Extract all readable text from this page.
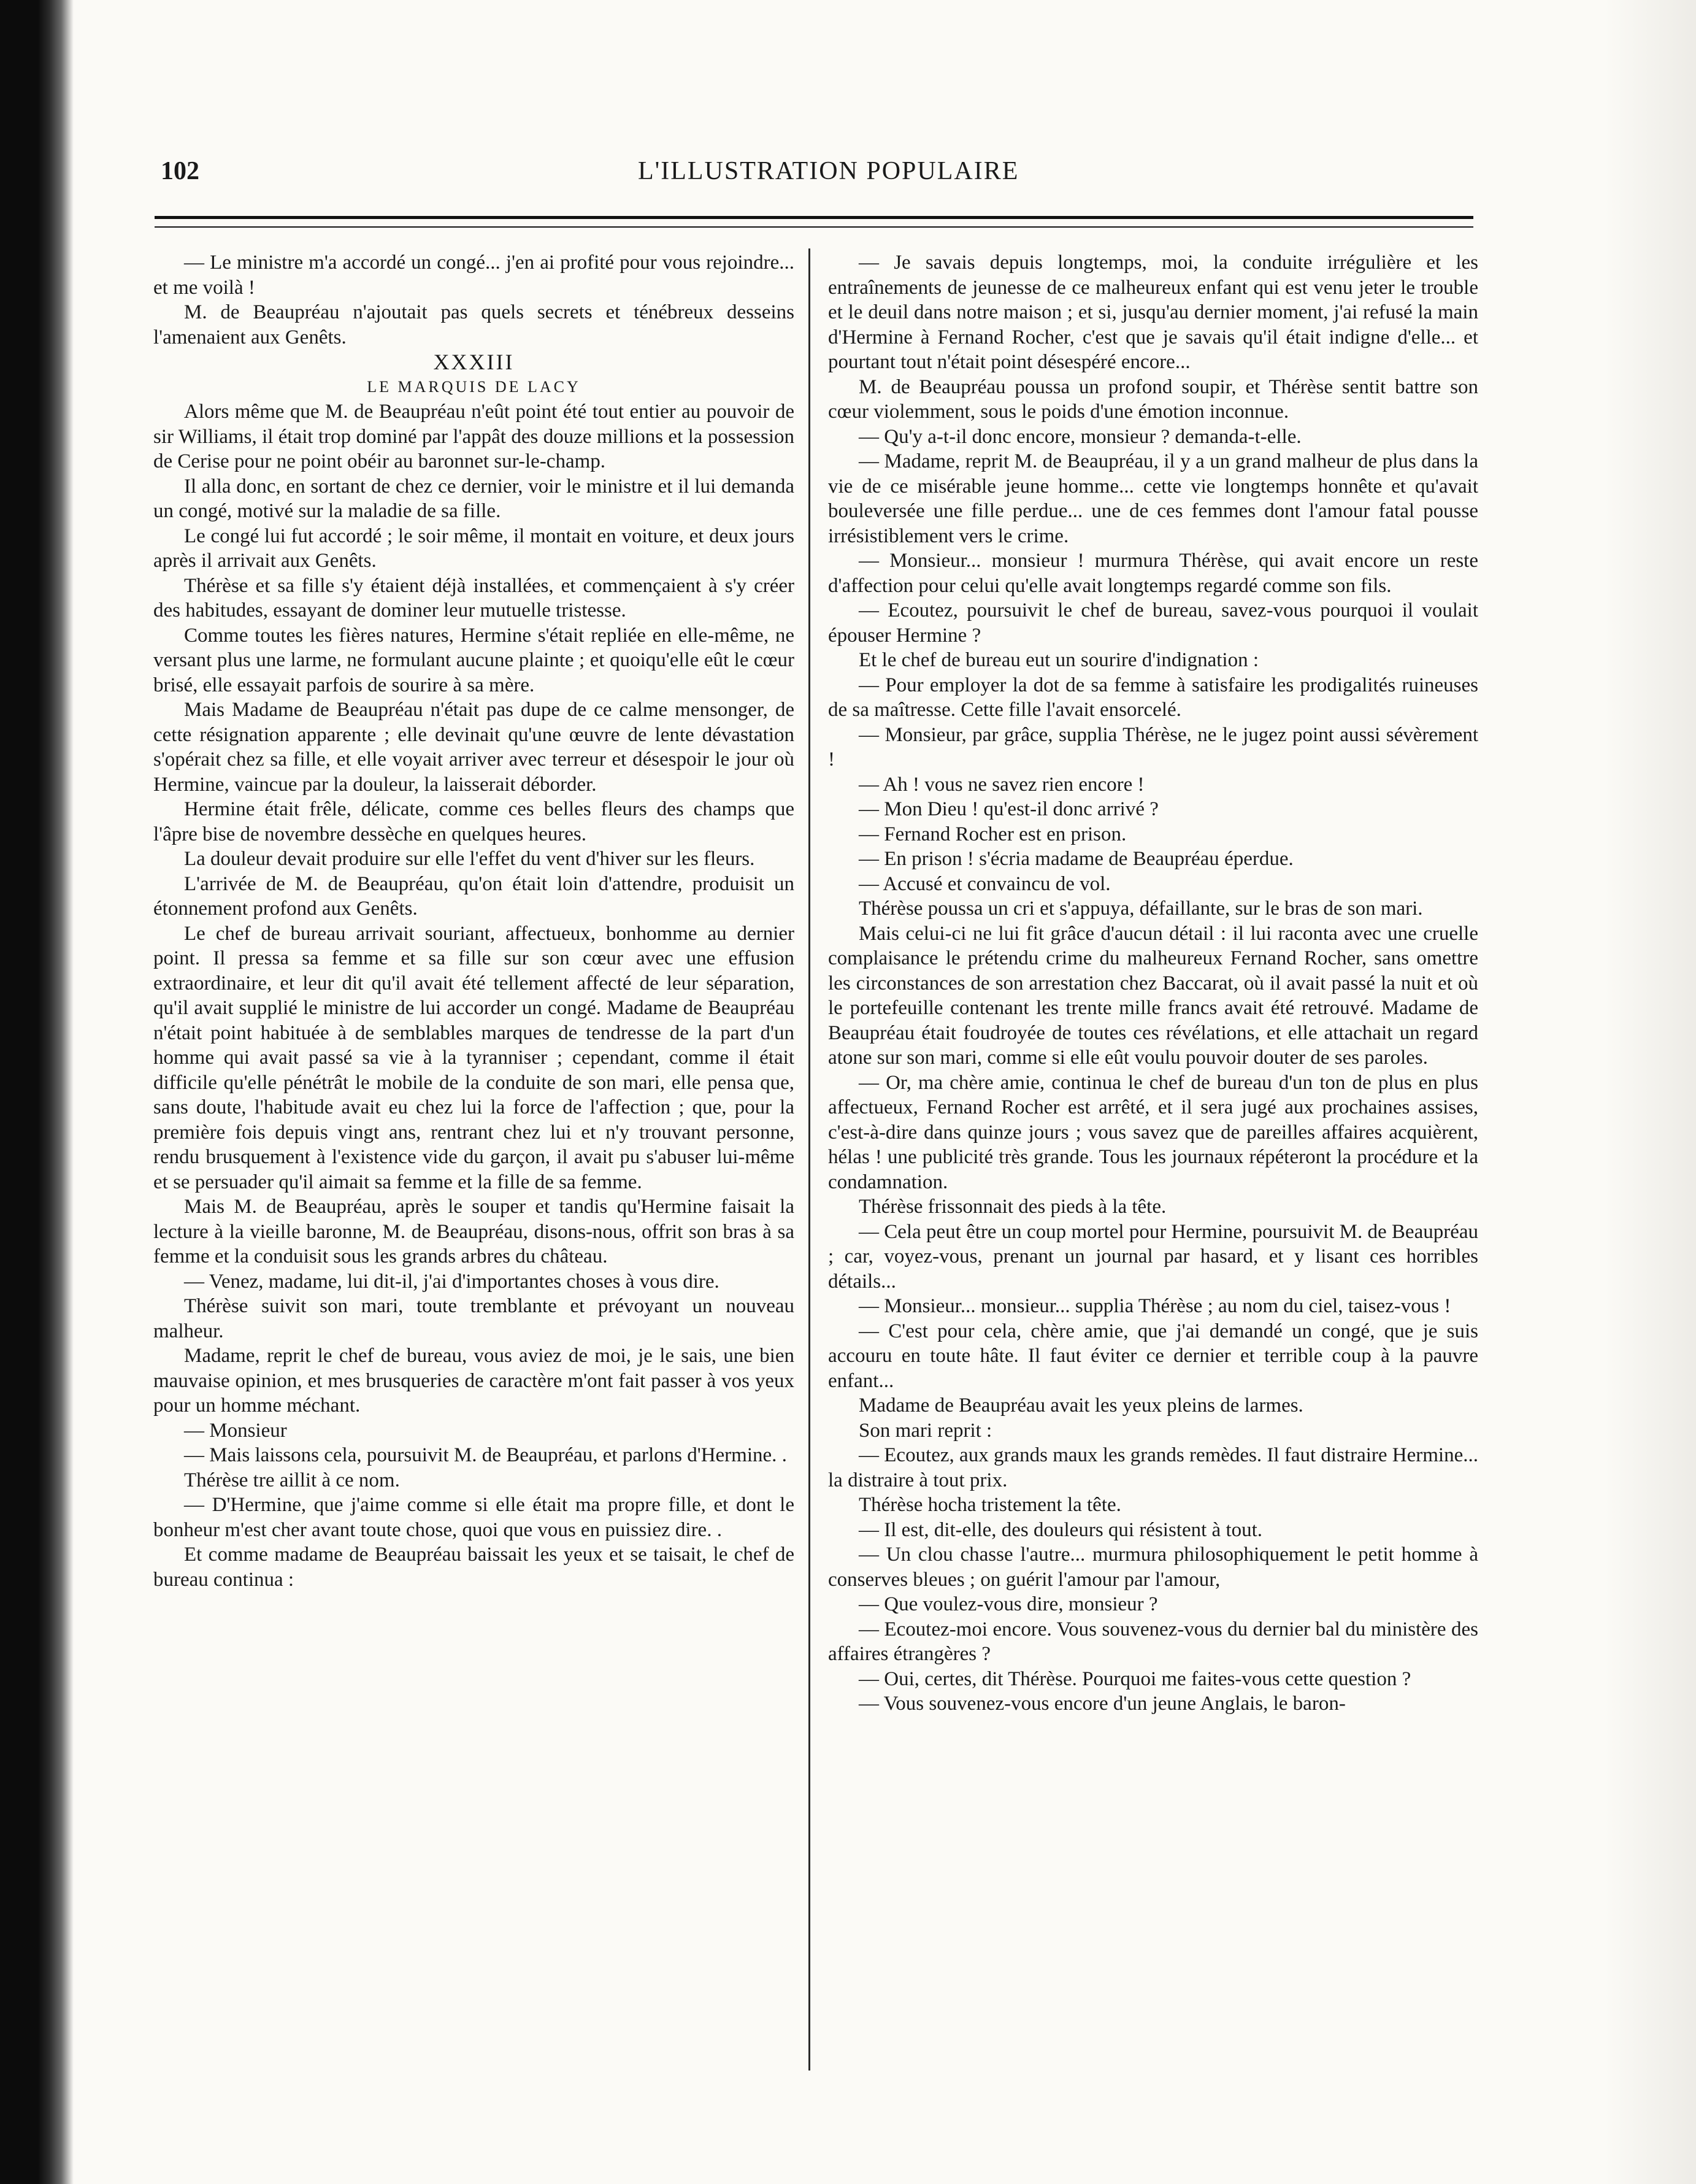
102	L'ILLUSTRATION POPULAIRE

— Le ministre m'a accordé un congé... j'en ai profité pour vous rejoindre... et me voilà !

M. de Beaupréau n'ajoutait pas quels secrets et ténébreux desseins l'amenaient aux Genêts.

XXXIII

LE MARQUIS DE LACY

Alors même que M. de Beaupréau n'eût point été tout entier au pouvoir de sir Williams, il était trop dominé par l'appât des douze millions et la possession de Cerise pour ne point obéir au baronnet sur-le-champ.

Il alla donc, en sortant de chez ce dernier, voir le ministre et il lui demanda un congé, motivé sur la maladie de sa fille.

Le congé lui fut accordé ; le soir même, il montait en voiture, et deux jours après il arrivait aux Genêts.

Thérèse et sa fille s'y étaient déjà installées, et commençaient à s'y créer des habitudes, essayant de dominer leur mutuelle tristesse.

Comme toutes les fières natures, Hermine s'était repliée en elle-même, ne versant plus une larme, ne formulant aucune plainte ; et quoiqu'elle eût le cœur brisé, elle essayait parfois de sourire à sa mère.

Mais Madame de Beaupréau n'était pas dupe de ce calme mensonger, de cette résignation apparente ; elle devinait qu'une œuvre de lente dévastation s'opérait chez sa fille, et elle voyait arriver avec terreur et désespoir le jour où Hermine, vaincue par la douleur, la laisserait déborder.

Hermine était frêle, délicate, comme ces belles fleurs des champs que l'âpre bise de novembre dessèche en quelques heures.

La douleur devait produire sur elle l'effet du vent d'hiver sur les fleurs.

L'arrivée de M. de Beaupréau, qu'on était loin d'attendre, produisit un étonnement profond aux Genêts.

Le chef de bureau arrivait souriant, affectueux, bonhomme au dernier point. Il pressa sa femme et sa fille sur son cœur avec une effusion extraordinaire, et leur dit qu'il avait été tellement affecté de leur séparation, qu'il avait supplié le ministre de lui accorder un congé. Madame de Beaupréau n'était point habituée à de semblables marques de tendresse de la part d'un homme qui avait passé sa vie à la tyranniser ; cependant, comme il était difficile qu'elle pénétrât le mobile de la conduite de son mari, elle pensa que, sans doute, l'habitude avait eu chez lui la force de l'affection ; que, pour la première fois depuis vingt ans, rentrant chez lui et n'y trouvant personne, rendu brusquement à l'existence vide du garçon, il avait pu s'abuser lui-même et se persuader qu'il aimait sa femme et la fille de sa femme.

Mais M. de Beaupréau, après le souper et tandis qu'Hermine faisait la lecture à la vieille baronne, M. de Beaupréau, disons-nous, offrit son bras à sa femme et la conduisit sous les grands arbres du château.

— Venez, madame, lui dit-il, j'ai d'importantes choses à vous dire.

Thérèse suivit son mari, toute tremblante et prévoyant un nouveau malheur.

Madame, reprit le chef de bureau, vous aviez de moi, je le sais, une bien mauvaise opinion, et mes brusqueries de caractère m'ont fait passer à vos yeux pour un homme méchant.

— Monsieur

— Mais laissons cela, poursuivit M. de Beaupréau, et parlons d'Hermine. .

Thérèse tre aillit à ce nom.

— D'Hermine, que j'aime comme si elle était ma propre fille, et dont le bonheur m'est cher avant toute chose, quoi que vous en puissiez dire. .

Et comme madame de Beaupréau baissait les yeux et se taisait, le chef de bureau continua :

— Je savais depuis longtemps, moi, la conduite irrégulière et les entraînements de jeunesse de ce malheureux enfant qui est venu jeter le trouble et le deuil dans notre maison ; et si, jusqu'au dernier moment, j'ai refusé la main d'Hermine à Fernand Rocher, c'est que je savais qu'il était indigne d'elle... et pourtant tout n'était point désespéré encore...

M. de Beaupréau poussa un profond soupir, et Thérèse sentit battre son cœur violemment, sous le poids d'une émotion inconnue.

— Qu'y a-t-il donc encore, monsieur ? demanda-t-elle.

— Madame, reprit M. de Beaupréau, il y a un grand malheur de plus dans la vie de ce misérable jeune homme... cette vie longtemps honnête et qu'avait bouleversée une fille perdue... une de ces femmes dont l'amour fatal pousse irrésistiblement vers le crime.

— Monsieur... monsieur ! murmura Thérèse, qui avait encore un reste d'affection pour celui qu'elle avait longtemps regardé comme son fils.

— Ecoutez, poursuivit le chef de bureau, savez-vous pourquoi il voulait épouser Hermine ?

Et le chef de bureau eut un sourire d'indignation :

— Pour employer la dot de sa femme à satisfaire les prodigalités ruineuses de sa maîtresse. Cette fille l'avait ensorcelé.

— Monsieur, par grâce, supplia Thérèse, ne le jugez point aussi sévèrement !

— Ah ! vous ne savez rien encore !

— Mon Dieu ! qu'est-il donc arrivé ?

— Fernand Rocher est en prison.

— En prison ! s'écria madame de Beaupréau éperdue.

— Accusé et convaincu de vol.

Thérèse poussa un cri et s'appuya, défaillante, sur le bras de son mari.

Mais celui-ci ne lui fit grâce d'aucun détail : il lui raconta avec une cruelle complaisance le prétendu crime du malheureux Fernand Rocher, sans omettre les circonstances de son arrestation chez Baccarat, où il avait passé la nuit et où le portefeuille contenant les trente mille francs avait été retrouvé. Madame de Beaupréau était foudroyée de toutes ces révélations, et elle attachait un regard atone sur son mari, comme si elle eût voulu pouvoir douter de ses paroles.

— Or, ma chère amie, continua le chef de bureau d'un ton de plus en plus affectueux, Fernand Rocher est arrêté, et il sera jugé aux prochaines assises, c'est-à-dire dans quinze jours ; vous savez que de pareilles affaires acquièrent, hélas ! une publicité très grande. Tous les journaux répéteront la procédure et la condamnation.

Thérèse frissonnait des pieds à la tête.

— Cela peut être un coup mortel pour Hermine, poursuivit M. de Beaupréau ; car, voyez-vous, prenant un journal par hasard, et y lisant ces horribles détails...

— Monsieur... monsieur... supplia Thérèse ; au nom du ciel, taisez-vous !

— C'est pour cela, chère amie, que j'ai demandé un congé, que je suis accouru en toute hâte. Il faut éviter ce dernier et terrible coup à la pauvre enfant...

Madame de Beaupréau avait les yeux pleins de larmes.

Son mari reprit :

— Ecoutez, aux grands maux les grands remèdes. Il faut distraire Hermine... la distraire à tout prix.

Thérèse hocha tristement la tête.

— Il est, dit-elle, des douleurs qui résistent à tout.

— Un clou chasse l'autre... murmura philosophiquement le petit homme à conserves bleues ; on guérit l'amour par l'amour,

— Que voulez-vous dire, monsieur ?

— Ecoutez-moi encore. Vous souvenez-vous du dernier bal du ministère des affaires étrangères ?

— Oui, certes, dit Thérèse. Pourquoi me faites-vous cette question ?

— Vous souvenez-vous encore d'un jeune Anglais, le baron-
